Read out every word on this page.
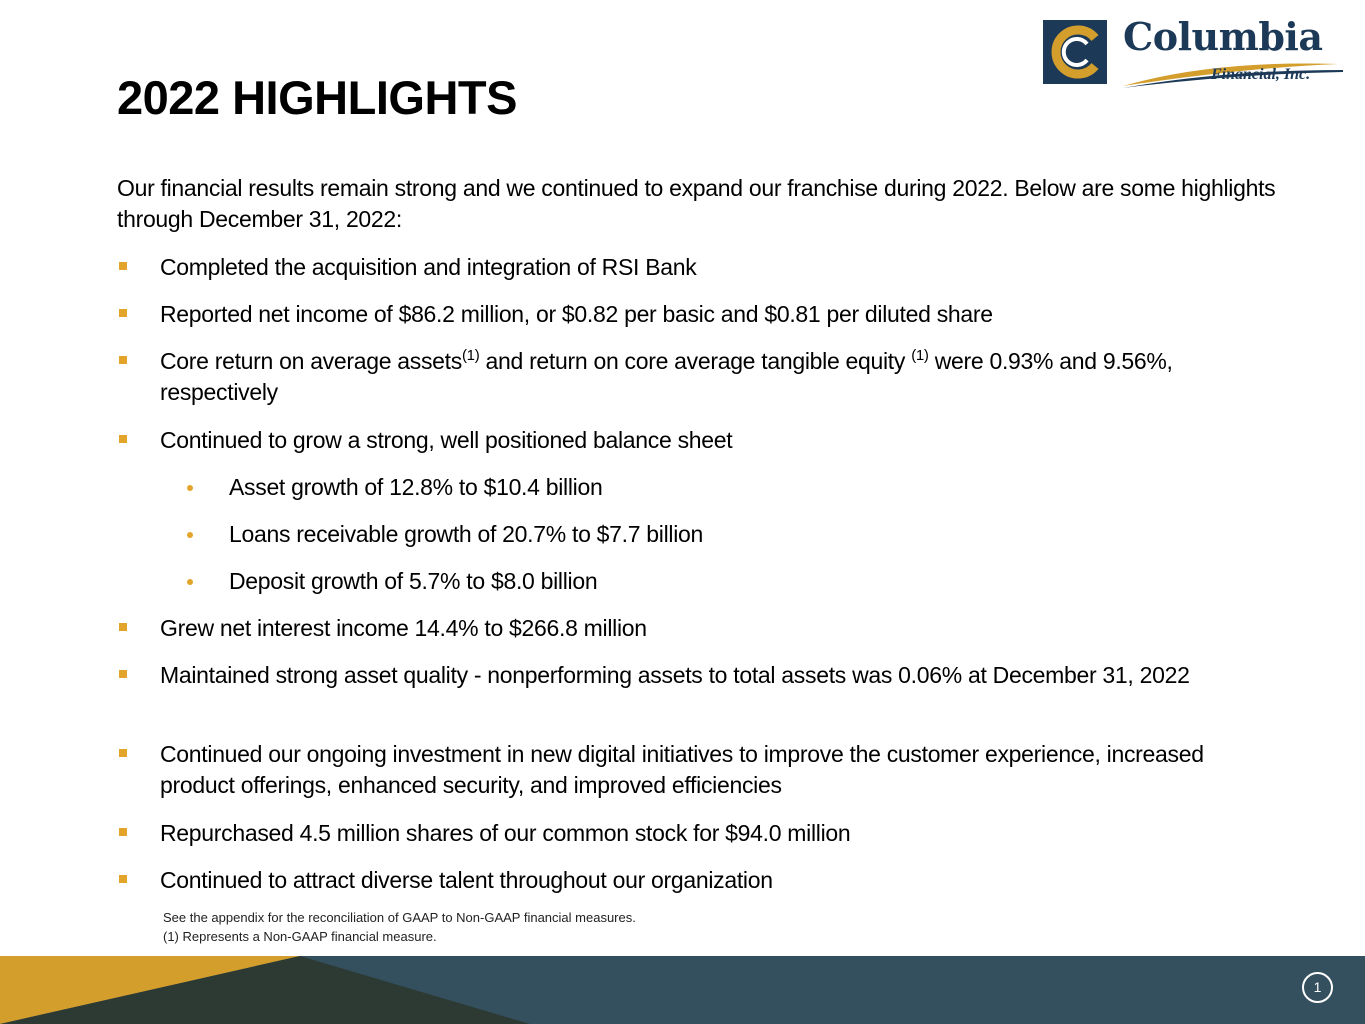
2022 HIGHLIGHTS
Columbia
Financial, Inc.

Our financial results remain strong and we continued to expand our franchise during 2022. Below are some highlights through December 31, 2022:

Completed the acquisition and integration of RSI Bank
Reported net income of $86.2 million, or $0.82 per basic and $0.81 per diluted share
Core return on average assets$^{(1)}$ and return on core average tangible equity $^{(1)}$ were 0.93% and 9.56%, respectively
Continued to grow a strong, well positioned balance sheet
Asset growth of 12.8% to $10.4 billion
Loans receivable growth of 20.7% to $7.7 billion
Deposit growth of 5.7% to $8.0 billion
Grew net interest income 14.4% to $266.8 million
Maintained strong asset quality - nonperforming assets to total assets was 0.06% at December 31, 2022
Continued our ongoing investment in new digital initiatives to improve the customer experience, increased product offerings, enhanced security, and improved efficiencies
Repurchased 4.5 million shares of our common stock for $94.0 million
Continued to attract diverse talent throughout our organization
See the appendix for the reconciliation of GAAP to Non-GAAP financial measures.
(1) Represents a Non-GAAP financial measure.
1
